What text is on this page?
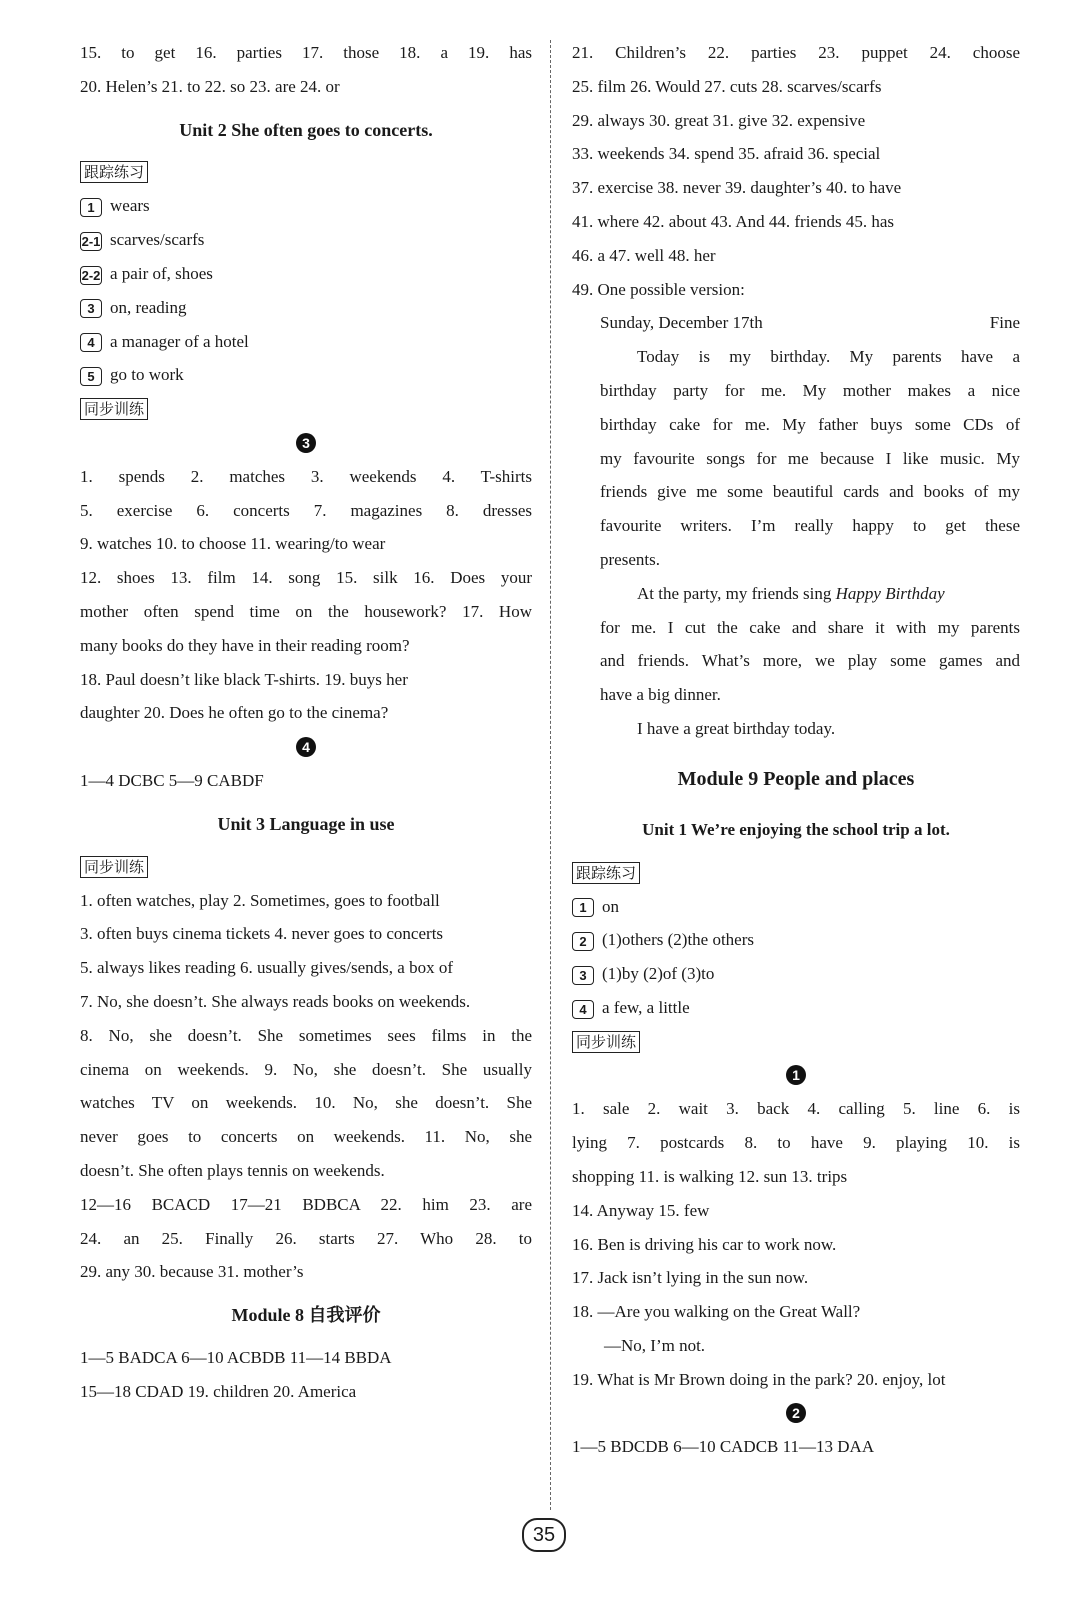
15. to get 16. parties 17. those 18. a 19. has
20. Helen’s 21. to 22. so 23. are 24. or
Unit 2 She often goes to concerts.
跟踪练习
1 wears
2-1 scarves/scarfs
2-2 a pair of, shoes
3 on, reading
4 a manager of a hotel
5 go to work
同步训练
3
1. spends 2. matches 3. weekends 4. T-shirts
5. exercise 6. concerts 7. magazines 8. dresses
9. watches 10. to choose 11. wearing/to wear
12. shoes 13. film 14. song 15. silk 16. Does your
mother often spend time on the housework? 17. How
many books do they have in their reading room?
18. Paul doesn’t like black T-shirts. 19. buys her
daughter 20. Does he often go to the cinema?
4
1—4 DCBC 5—9 CABDF
Unit 3 Language in use
同步训练
1. often watches, play 2. Sometimes, goes to football
3. often buys cinema tickets 4. never goes to concerts
5. always likes reading 6. usually gives/sends, a box of
7. No, she doesn’t. She always reads books on weekends.
8. No, she doesn’t. She sometimes sees films in the
cinema on weekends. 9. No, she doesn’t. She usually
watches TV on weekends. 10. No, she doesn’t. She
never goes to concerts on weekends. 11. No, she
doesn’t. She often plays tennis on weekends.
12—16 BCACD 17—21 BDBCA 22. him 23. are
24. an 25. Finally 26. starts 27. Who 28. to
29. any 30. because 31. mother’s
Module 8 自我评价
1—5 BADCA 6—10 ACBDB 11—14 BBDA
15—18 CDAD 19. children 20. America
21. Children’s 22. parties 23. puppet 24. choose
25. film 26. Would 27. cuts 28. scarves/scarfs
29. always 30. great 31. give 32. expensive
33. weekends 34. spend 35. afraid 36. special
37. exercise 38. never 39. daughter’s 40. to have
41. where 42. about 43. And 44. friends 45. has
46. a 47. well 48. her
49. One possible version:
Sunday, December 17th	Fine
Today is my birthday. My parents have a
birthday party for me. My mother makes a nice
birthday cake for me. My father buys some CDs of
my favourite songs for me because I like music. My
friends give me some beautiful cards and books of my
favourite writers. I’m really happy to get these
presents.
At the party, my friends sing Happy Birthday
for me. I cut the cake and share it with my parents
and friends. What’s more, we play some games and
have a big dinner.
I have a great birthday today.
Module 9 People and places
Unit 1 We’re enjoying the school trip a lot.
跟踪练习
1 on
2 (1)others (2)the others
3 (1)by (2)of (3)to
4 a few, a little
同步训练
1
1. sale 2. wait 3. back 4. calling 5. line 6. is
lying 7. postcards 8. to have 9. playing 10. is
shopping 11. is walking 12. sun 13. trips
14. Anyway 15. few
16. Ben is driving his car to work now.
17. Jack isn’t lying in the sun now.
18. —Are you walking on the Great Wall?
—No, I’m not.
19. What is Mr Brown doing in the park? 20. enjoy, lot
2
1—5 BDCDB 6—10 CADCB 11—13 DAA
35
